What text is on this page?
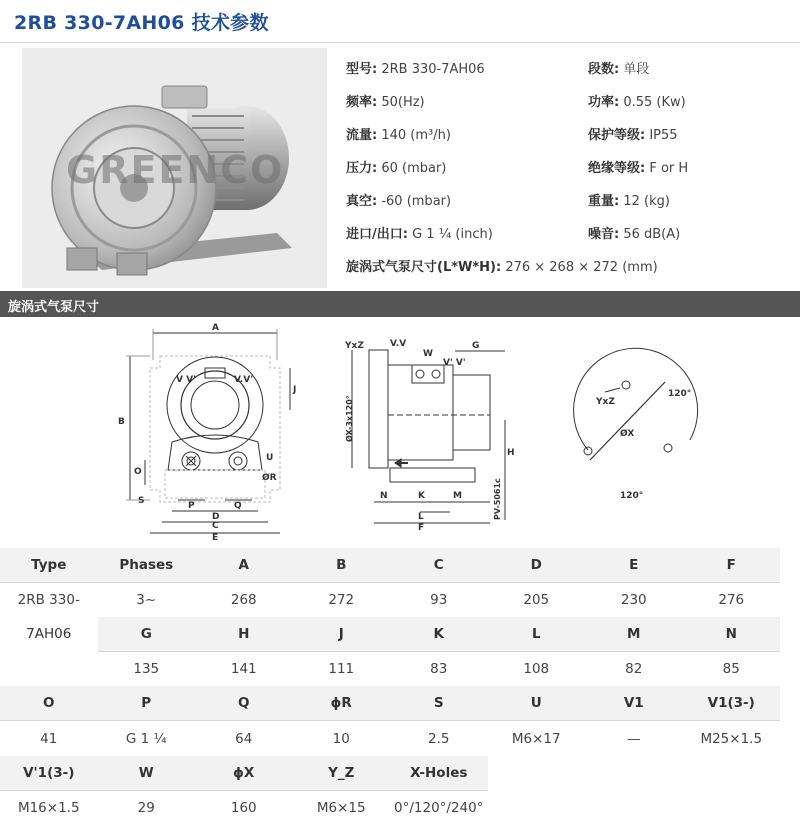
2RB 330-7AH06 技术参数
GREENCO
型号: 2RB 330-7AH06	段数: 单段
频率: 50(Hz)	功率: 0.55 (Kw)
流量: 140 (m³/h)	保护等级: IP55
压力: 60 (mbar)	绝缘等级: F or H
真空: -60 (mbar)	重量: 12 (kg)
进口/出口: G 1 ¼ (inch)	噪音: 56 dB(A)
旋涡式气泵尺寸(L*W*H): 276 × 268 × 272 (mm)
旋涡式气泵尺寸
A
B
C
D
E
J
O
S	P	Q
U
ØR
V V'	V.V'
YxZ	V.V
W
G
V' V'
H
N	K	M
L
F
YxZ
120°
120°
ØX
ØX-3x120°
PV-5061c
Type	Phases	A	B	C	D	E	F
2RB 330-	3~	268	272	93	205	230	276
7AH06	G	H	J	K	L	M	N
	135	141	111	83	108	82	85
O	P	Q	ϕR	S	U	V1	V1(3-)
41	G 1 ¼	64	10	2.5	M6×17	—	M25×1.5
V'1(3-)	W	ϕX	Y_Z	X-Holes			
M16×1.5	29	160	M6×15	0°/120°/240°			
